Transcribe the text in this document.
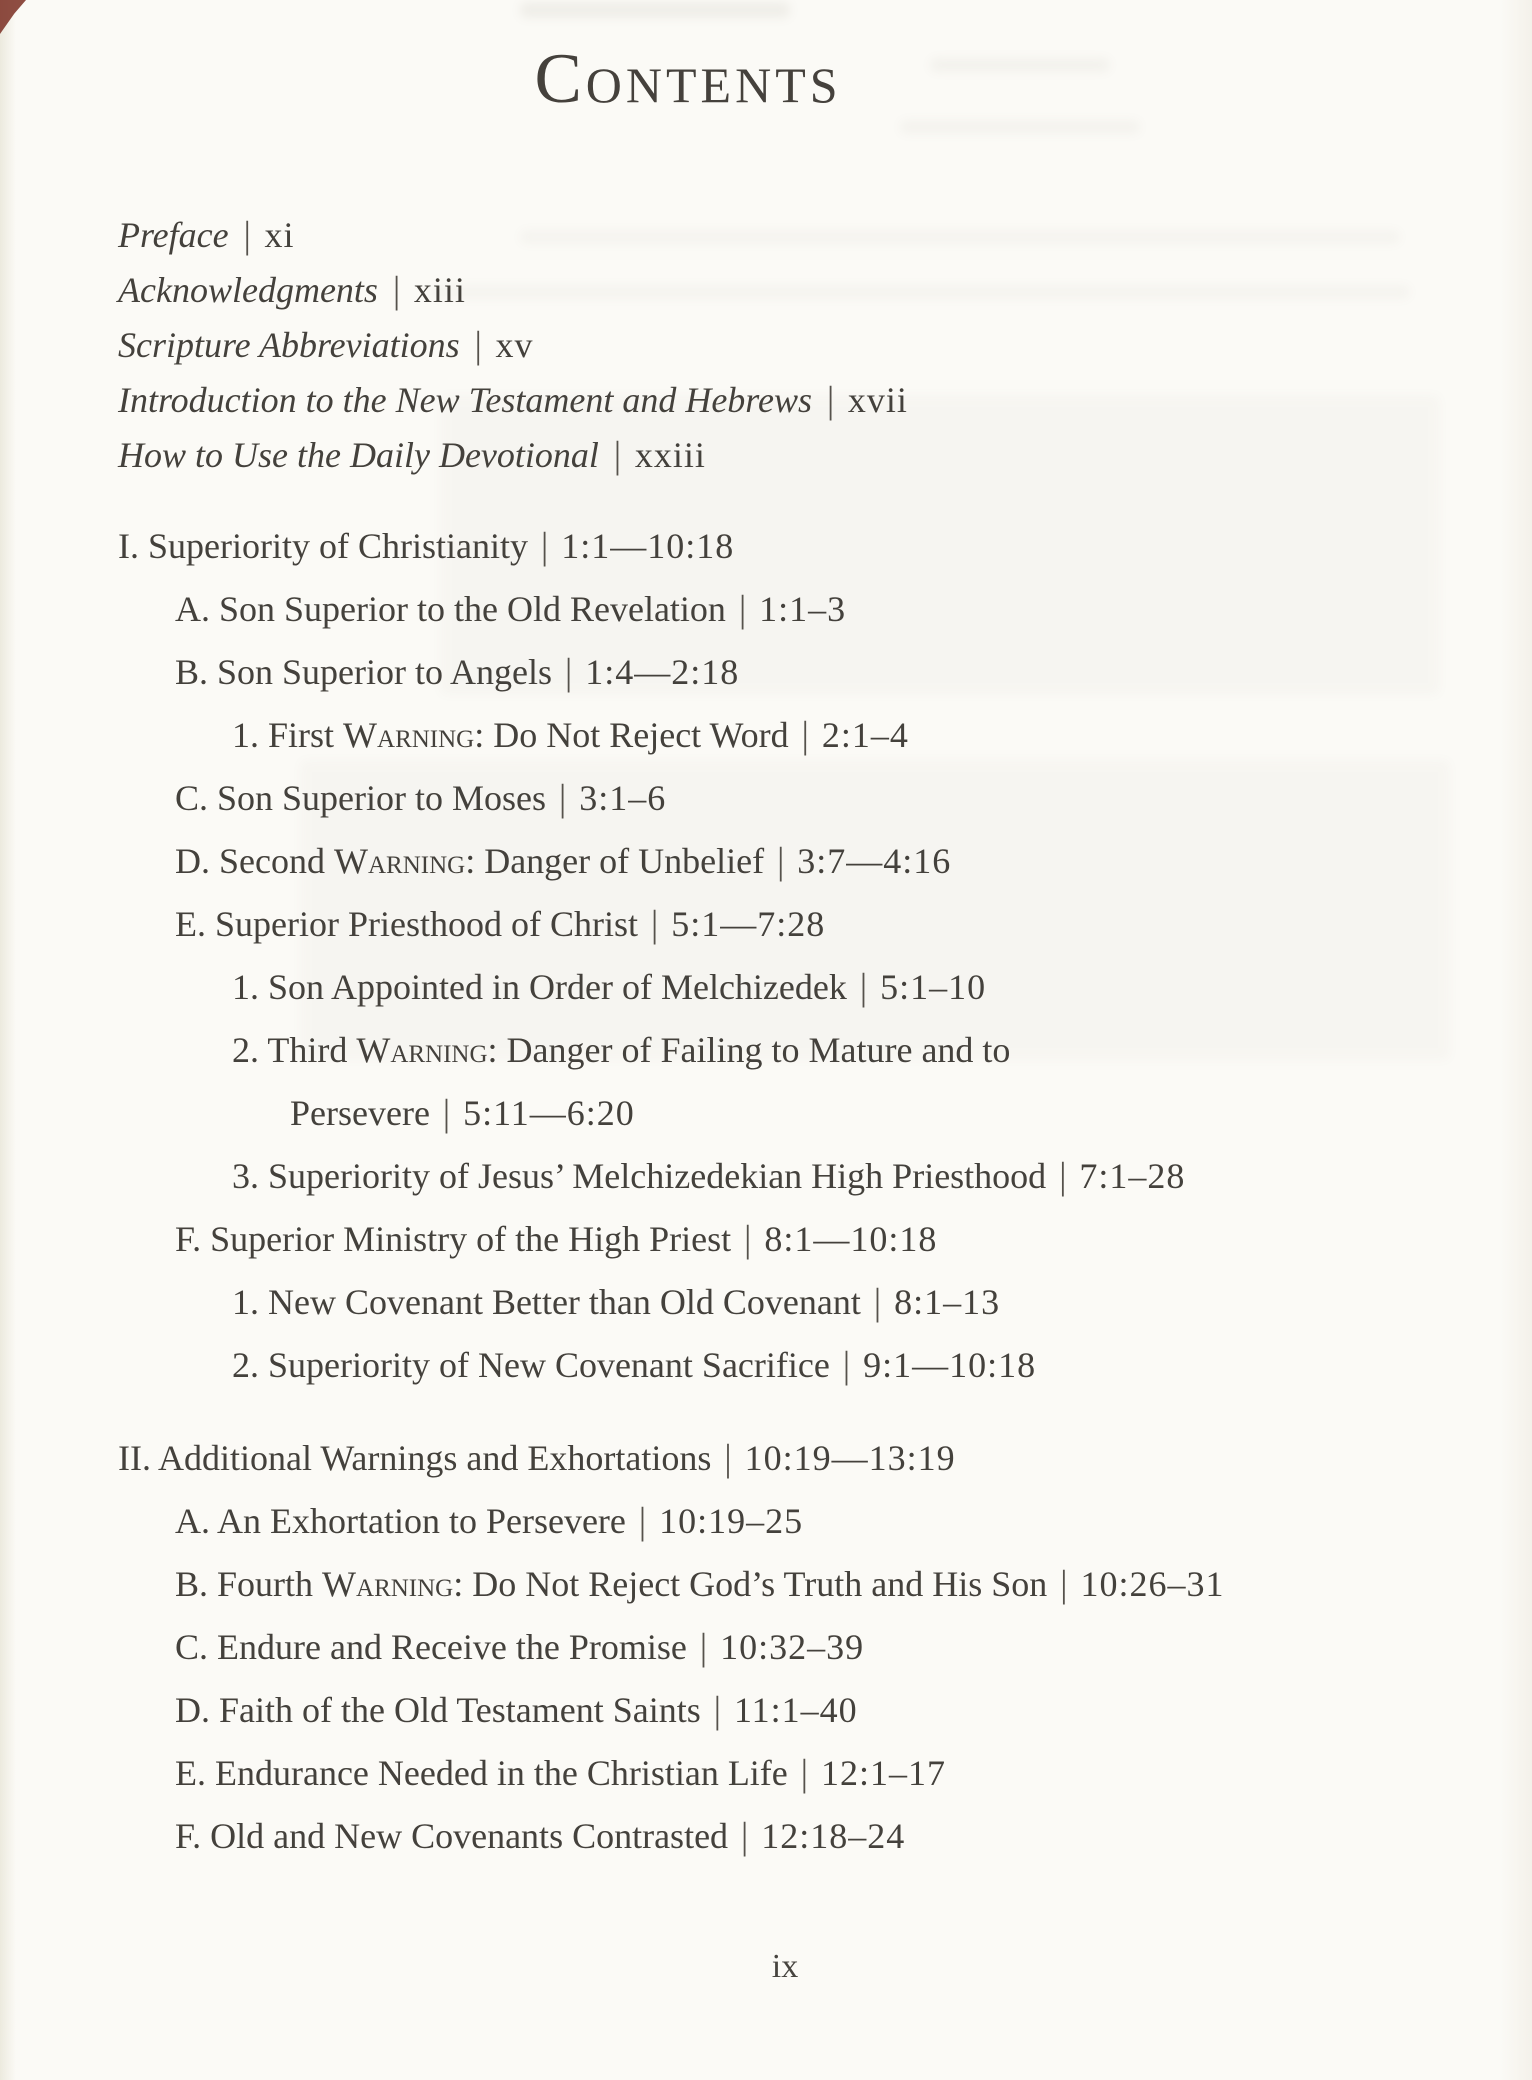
Contents
Preface | xi
Acknowledgments | xiii
Scripture Abbreviations | xv
Introduction to the New Testament and Hebrews | xvii
How to Use the Daily Devotional | xxiii
I. Superiority of Christianity | 1:1—10:18
A. Son Superior to the Old Revelation | 1:1–3
B. Son Superior to Angels | 1:4—2:18
1. First Warning: Do Not Reject Word | 2:1–4
C. Son Superior to Moses | 3:1–6
D. Second Warning: Danger of Unbelief | 3:7—4:16
E. Superior Priesthood of Christ | 5:1—7:28
1. Son Appointed in Order of Melchizedek | 5:1–10
2. Third Warning: Danger of Failing to Mature and to
Persevere | 5:11—6:20
3. Superiority of Jesus’ Melchizedekian High Priesthood | 7:1–28
F. Superior Ministry of the High Priest | 8:1—10:18
1. New Covenant Better than Old Covenant | 8:1–13
2. Superiority of New Covenant Sacrifice | 9:1—10:18
II. Additional Warnings and Exhortations | 10:19—13:19
A. An Exhortation to Persevere | 10:19–25
B. Fourth Warning: Do Not Reject God’s Truth and His Son | 10:26–31
C. Endure and Receive the Promise | 10:32–39
D. Faith of the Old Testament Saints | 11:1–40
E. Endurance Needed in the Christian Life | 12:1–17
F. Old and New Covenants Contrasted | 12:18–24
ix
